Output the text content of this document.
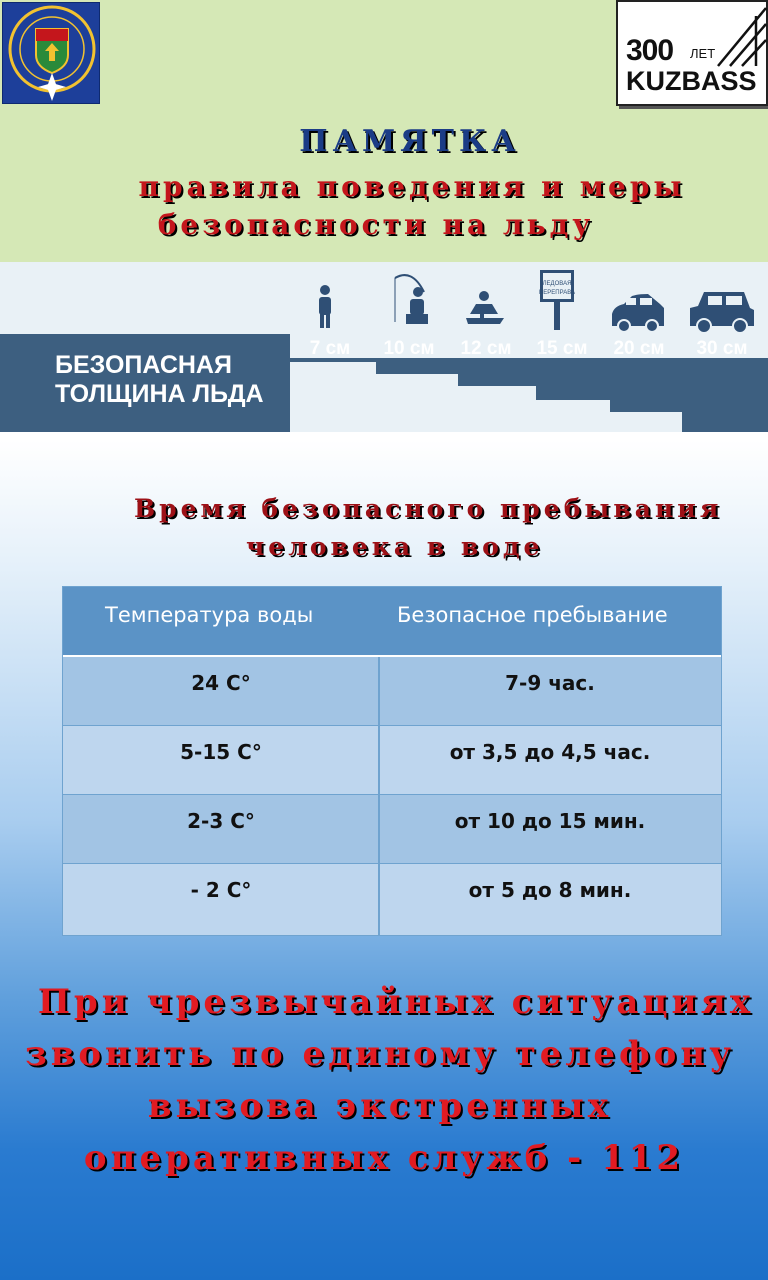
300 ЛЕТ
KUZBASS
ПАМЯТКА
правила поведения и меры
безопасности на льду
ЛЕДОВАЯ
ПЕРЕПРАВА
БЕЗОПАСНАЯ
ТОЛЩИНА ЛЬДА
7 см	10 см	12 см	15 см	20 см	30 см
Время безопасного пребывания
человека в воде
Температура воды	Безопасное пребывание
24 С°	7-9 час.
5-15 С°	от 3,5 до 4,5 час.
2-3 С°	от 10 до 15 мин.
- 2 С°	от 5 до 8 мин.
При чрезвычайных ситуациях
звонить по единому телефону
вызова экстренных
оперативных служб - 112
